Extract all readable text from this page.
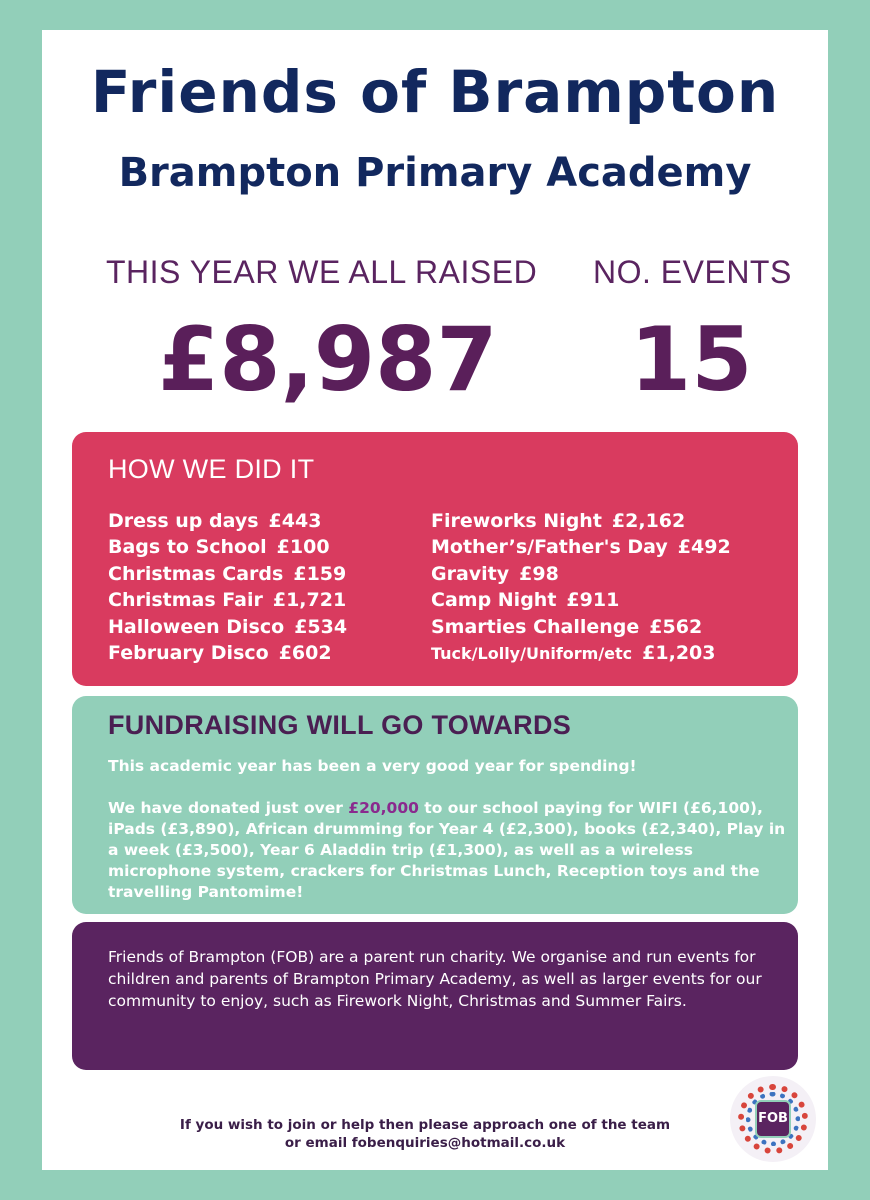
Friends of Brampton
Brampton Primary Academy
THIS YEAR WE ALL RAISED NO. EVENTS
£8,987 15
HOW WE DID IT
Dress up days £443
Bags to School £100
Christmas Cards £159
Christmas Fair £1,721
Halloween Disco £534
February Disco £602
Fireworks Night £2,162
Mother’s/Father's Day £492
Gravity £98
Camp Night £911
Smarties Challenge £562
Tuck/Lolly/Uniform/etc £1,203
FUNDRAISING WILL GO TOWARDS

This academic year has been a very good year for spending!

We have donated just over £20,000 to our school paying for WIFI (£6,100), iPads (£3,890), African drumming for Year 4 (£2,300), books (£2,340), Play in a week (£3,500), Year 6 Aladdin trip (£1,300), as well as a wireless microphone system, crackers for Christmas Lunch, Reception toys and the travelling Pantomime!

Friends of Brampton (FOB) are a parent run charity. We organise and run events for children and parents of Brampton Primary Academy, as well as larger events for our community to enjoy, such as Firework Night, Christmas and Summer Fairs.
If you wish to join or help then please approach one of the team
or email fobenquiries@hotmail.co.uk
FOB
